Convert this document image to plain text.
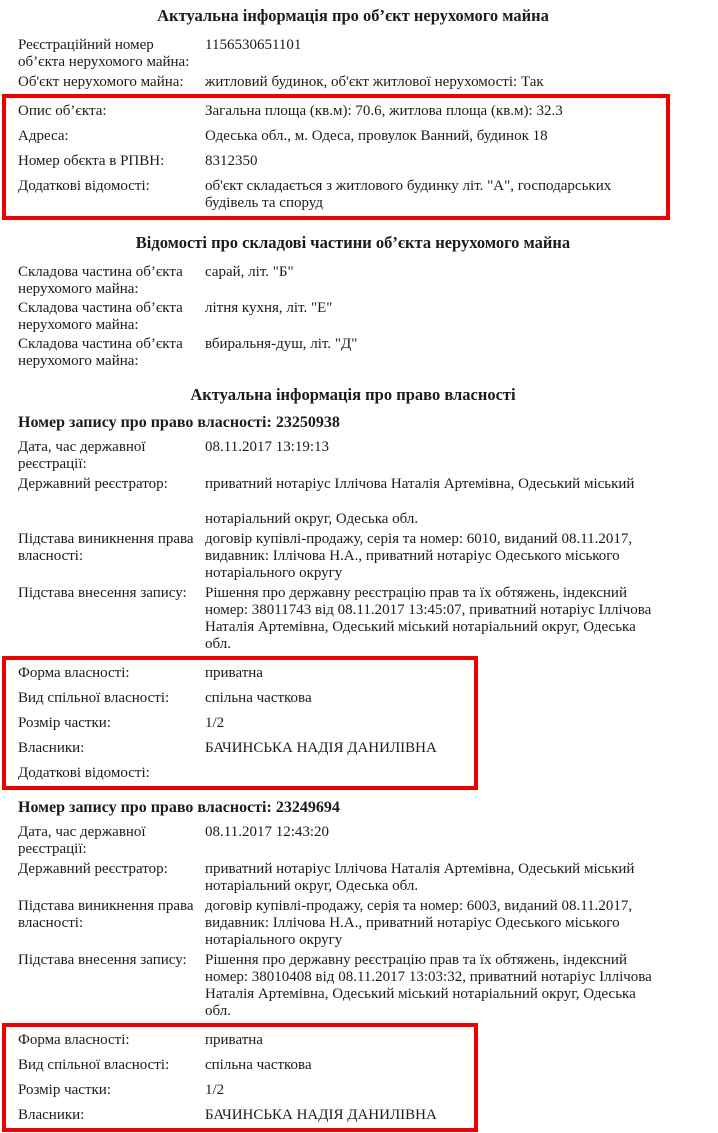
Актуальна інформація про об’єкт нерухомого майна
Реєстраційний номер об’єкта нерухомого майна:
1156530651101
Об'єкт нерухомого майна:	житловий будинок, об'єкт житлової нерухомості: Так
Опис об’єкта:	Загальна площа (кв.м): 70.6, житлова площа (кв.м): 32.3
Адреса:	Одеська обл., м. Одеса, провулок Ванний, будинок 18
Номер обєкта в РПВН:	8312350
Додаткові відомості:	об'єкт складається з житлового будинку літ. "А", господарських будівель та споруд
Відомості про складові частини об’єкта нерухомого майна
Складова частина об’єкта нерухомого майна:
сарай, літ. "Б"
Складова частина об’єкта нерухомого майна:
літня кухня, літ. "Е"
Складова частина об’єкта нерухомого майна:
вбиральня-душ, літ. "Д"
Актуальна інформація про право власності
Номер запису про право власності: 23250938
Дата, час державної реєстрації:
08.11.2017 13:19:13
Державний реєстратор:	приватний нотаріус Іллічова Наталія Артемівна, Одеський міський
нотаріальний округ, Одеська обл.
Підстава виникнення права власності:
договір купівлі-продажу, серія та номер: 6010, виданий 08.11.2017, видавник: Іллічова Н.А., приватний нотаріус Одеського міського нотаріального округу
Підстава внесення запису:	Рішення про державну реєстрацію прав та їх обтяжень, індексний номер: 38011743 від 08.11.2017 13:45:07, приватний нотаріус Іллічова Наталія Артемівна, Одеський міський нотаріальний округ, Одеська обл.
Форма власності:	приватна
Вид спільної власності:	спільна часткова
Розмір частки:	1/2
Власники:	БАЧИНСЬКА НАДІЯ ДАНИЛІВНА
Додаткові відомості:
Номер запису про право власності: 23249694
Дата, час державної реєстрації:
08.11.2017 12:43:20
Державний реєстратор:	приватний нотаріус Іллічова Наталія Артемівна, Одеський міський нотаріальний округ, Одеська обл.
Підстава виникнення права власності:
договір купівлі-продажу, серія та номер: 6003, виданий 08.11.2017, видавник: Іллічова Н.А., приватний нотаріус Одеського міського нотаріального округу
Підстава внесення запису:	Рішення про державну реєстрацію прав та їх обтяжень, індексний номер: 38010408 від 08.11.2017 13:03:32, приватний нотаріус Іллічова Наталія Артемівна, Одеський міський нотаріальний округ, Одеська обл.
Форма власності:	приватна
Вид спільної власності:	спільна часткова
Розмір частки:	1/2
Власники:	БАЧИНСЬКА НАДІЯ ДАНИЛІВНА
